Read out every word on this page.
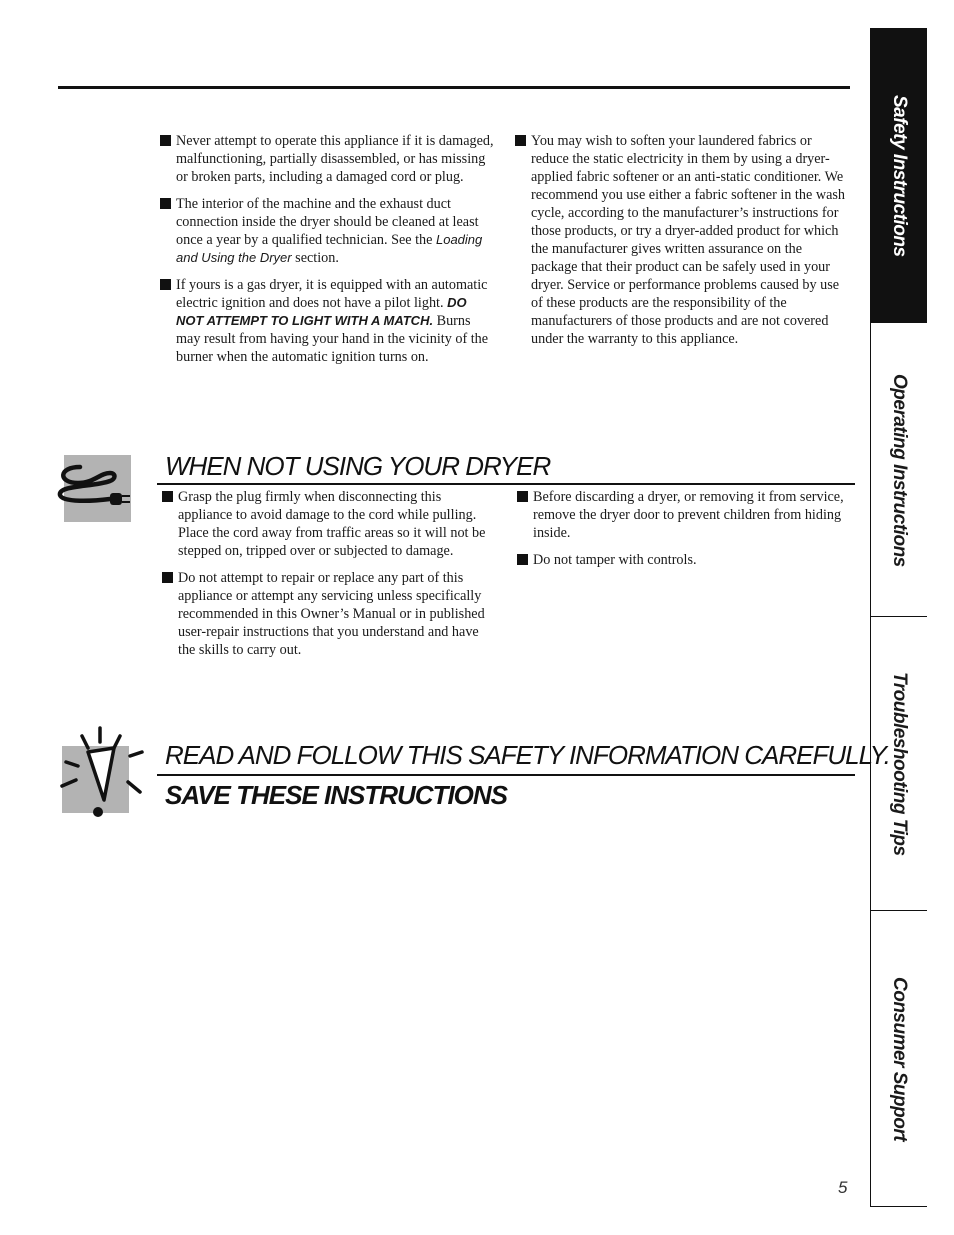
Never attempt to operate this appliance if it is damaged, malfunctioning, partially disassembled, or has missing or broken parts, including a damaged cord or plug.
The interior of the machine and the exhaust duct connection inside the dryer should be cleaned at least once a year by a qualified technician. See the Loading and Using the Dryer section.
If yours is a gas dryer, it is equipped with an automatic electric ignition and does not have a pilot light. DO NOT ATTEMPT TO LIGHT WITH A MATCH. Burns may result from having your hand in the vicinity of the burner when the automatic ignition turns on.
You may wish to soften your laundered fabrics or reduce the static electricity in them by using a dryer-applied fabric softener or an anti-static conditioner. We recommend you use either a fabric softener in the wash cycle, according to the manufacturer’s instructions for those products, or try a dryer-added product for which the manufacturer gives written assurance on the package that their product can be safely used in your dryer. Service or performance problems caused by use of these products are the responsibility of the manufacturers of those products and are not covered under the warranty to this appliance.
WHEN NOT USING YOUR DRYER
Grasp the plug firmly when disconnecting this appliance to avoid damage to the cord while pulling. Place the cord away from traffic areas so it will not be stepped on, tripped over or subjected to damage.
Do not attempt to repair or replace any part of this appliance or attempt any servicing unless specifically recommended in this Owner’s Manual or in published user-repair instructions that you understand and have the skills to carry out.
Before discarding a dryer, or removing it from service, remove the dryer door to prevent children from hiding inside.
Do not tamper with controls.
READ AND FOLLOW THIS SAFETY INFORMATION CAREFULLY.
SAVE THESE INSTRUCTIONS
Safety Instructions
Operating Instructions
Troubleshooting Tips
Consumer Support
5
